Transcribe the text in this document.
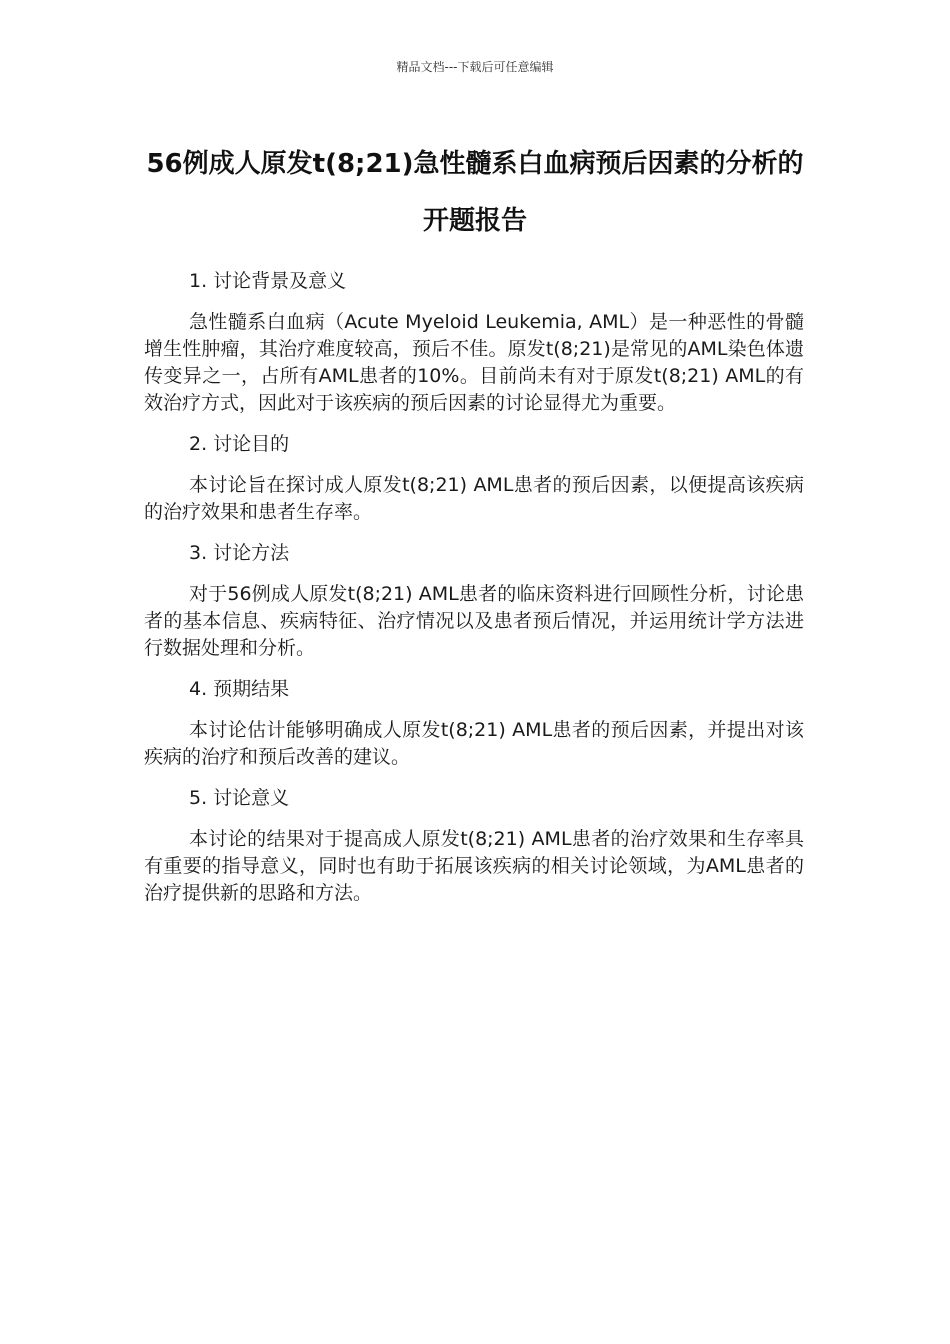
精品文档---下载后可任意编辑
56例成人原发t(8;21)急性髓系白血病预后因素的分析的开题报告
1. 讨论背景及意义
急性髓系白血病（Acute Myeloid Leukemia, AML）是一种恶性的骨髓增生性肿瘤，其治疗难度较高，预后不佳。原发t(8;21)是常见的AML染色体遗传变异之一，占所有AML患者的10%。目前尚未有对于原发t(8;21) AML的有效治疗方式，因此对于该疾病的预后因素的讨论显得尤为重要。
2. 讨论目的
本讨论旨在探讨成人原发t(8;21) AML患者的预后因素，以便提高该疾病的治疗效果和患者生存率。
3. 讨论方法
对于56例成人原发t(8;21) AML患者的临床资料进行回顾性分析，讨论患者的基本信息、疾病特征、治疗情况以及患者预后情况，并运用统计学方法进行数据处理和分析。
4. 预期结果
本讨论估计能够明确成人原发t(8;21) AML患者的预后因素，并提出对该疾病的治疗和预后改善的建议。
5. 讨论意义
本讨论的结果对于提高成人原发t(8;21) AML患者的治疗效果和生存率具有重要的指导意义，同时也有助于拓展该疾病的相关讨论领域，为AML患者的治疗提供新的思路和方法。
